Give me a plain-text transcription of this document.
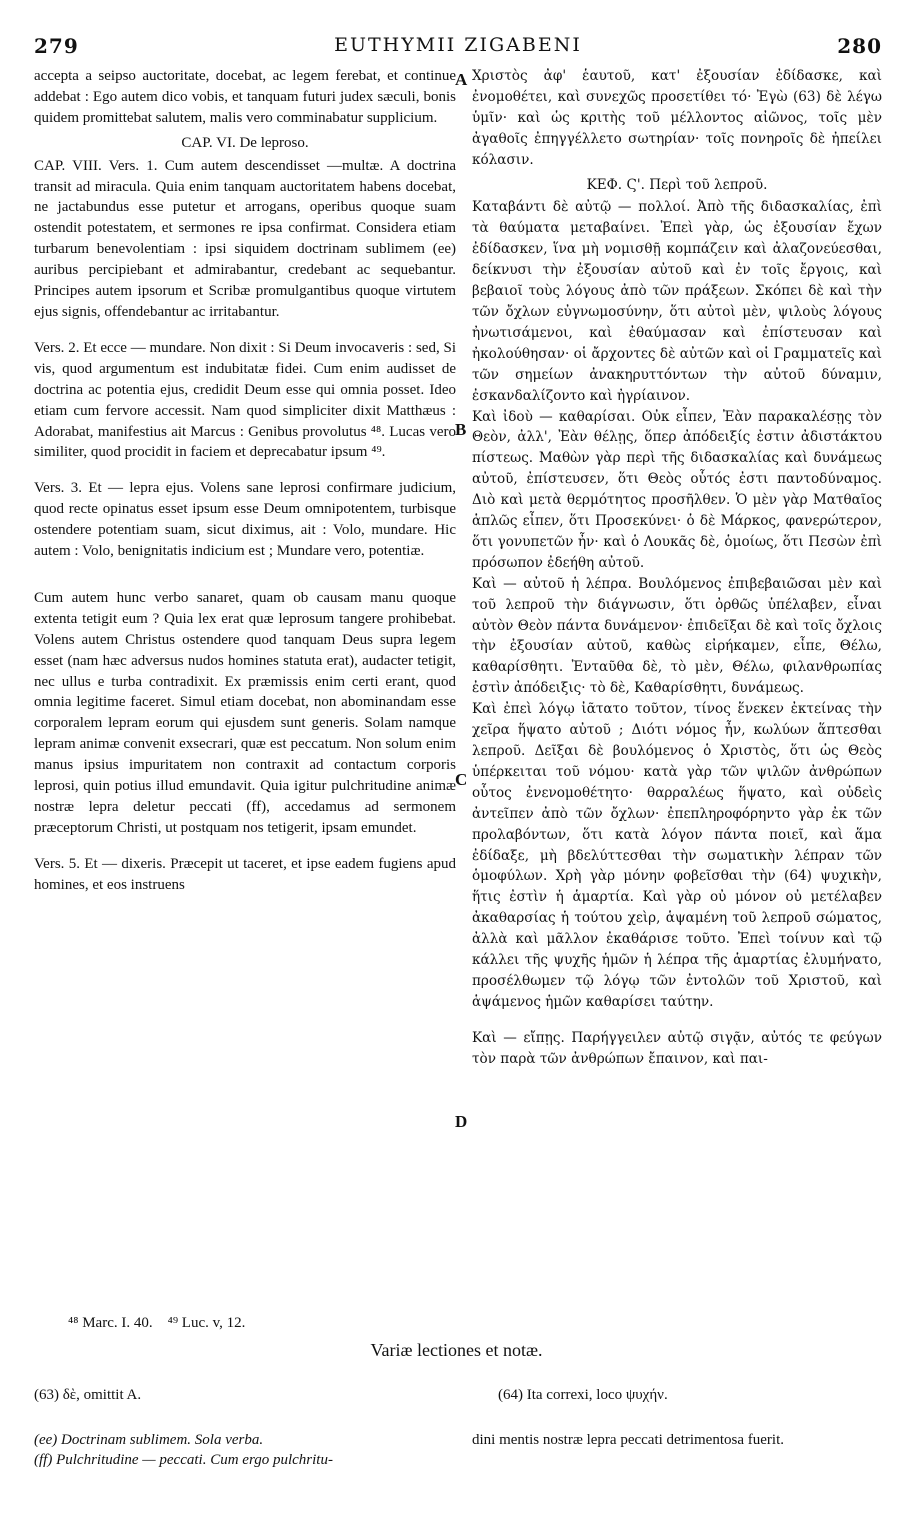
279	EUTHYMII ZIGABENI	280

accepta a seipso auctoritate, docebat, ac legem ferebat, et continue addebat : Ego autem dico vobis, et tanquam futuri judex sæculi, bonis quidem promittebat salutem, malis vero comminabatur supplicium.

CAP. VI. De leproso.

CAP. VIII. Vers. 1. Cum autem descendisset —multæ. A doctrina transit ad miracula. Quia enim tanquam auctoritatem habens docebat, ne jactabundus esse putetur et arrogans, operibus quoque suam ostendit potestatem, et sermones re ipsa confirmat. Considera etiam turbarum benevolentiam : ipsi siquidem doctrinam sublimem (ee) auribus percipiebant et admirabantur, credebant ac sequebantur. Principes autem ipsorum et Scribæ promulgantibus quoque virtutem ejus signis, offendebantur ac irritabantur.

Vers. 2. Et ecce — mundare. Non dixit : Si Deum invocaveris : sed, Si vis, quod argumentum est indubitatæ fidei. Cum enim audisset de doctrina ac potentia ejus, credidit Deum esse qui omnia posset. Ideo etiam cum fervore accessit. Nam quod simpliciter dixit Matthæus : Adorabat, manifestius ait Marcus : Genibus provolutus ⁴⁸. Lucas vero similiter, quod procidit in faciem et deprecabatur ipsum ⁴⁹.

Vers. 3. Et — lepra ejus. Volens sane leprosi confirmare judicium, quod recte opinatus esset ipsum esse Deum omnipotentem, turbisque ostendere potentiam suam, sicut diximus, ait : Volo, mundare. Hic autem : Volo, benignitatis indicium est ; Mundare vero, potentiæ.

Cum autem hunc verbo sanaret, quam ob causam manu quoque extenta tetigit eum ? Quia lex erat quæ leprosum tangere prohibebat. Volens autem Christus ostendere quod tanquam Deus supra legem esset (nam hæc adversus nudos homines statuta erat), audacter tetigit, nec ullus e turba contradixit. Ex præmissis enim certi erant, quod omnia legitime faceret. Simul etiam docebat, non abominandam esse corporalem lepram eorum qui ejusdem sunt generis. Solam namque lepram animæ convenit exsecrari, quæ est peccatum. Non solum enim manus ipsius impuritatem non contraxit ad contactum corporis leprosi, quin potius illud emundavit. Quia igitur pulchritudine animæ nostræ lepra deletur peccati (ff), accedamus ad sermonem præceptorum Christi, ut postquam nos tetigerit, ipsam emundet.

Vers. 5. Et — dixeris. Præcepit ut taceret, et ipse eadem fugiens apud homines, et eos instruens

A
B
C
D

Χριστὸς ἀφ' ἑαυτοῦ, κατ' ἐξουσίαν ἐδίδασκε, καὶ ἐνομοθέτει, καὶ συνεχῶς προσετίθει τό· Ἐγὼ (63) δὲ λέγω ὑμῖν· καὶ ὡς κριτὴς τοῦ μέλλοντος αἰῶνος, τοῖς μὲν ἀγαθοῖς ἐπηγγέλλετο σωτηρίαν· τοῖς πονηροῖς δὲ ἠπείλει κόλασιν.

ΚΕΦ. Ϛ'. Περὶ τοῦ λεπροῦ.

Καταβάντι δὲ αὐτῷ — πολλοί. Ἀπὸ τῆς διδασκαλίας, ἐπὶ τὰ θαύματα μεταβαίνει. Ἐπεὶ γὰρ, ὡς ἐξουσίαν ἔχων ἐδίδασκεν, ἵνα μὴ νομισθῇ κομπάζειν καὶ ἀλαζονεύεσθαι, δείκνυσι τὴν ἐξουσίαν αὐτοῦ καὶ ἐν τοῖς ἔργοις, καὶ βεβαιοῖ τοὺς λόγους ἀπὸ τῶν πράξεων. Σκόπει δὲ καὶ τὴν τῶν ὄχλων εὐγνωμοσύνην, ὅτι αὐτοὶ μὲν, ψιλοὺς λόγους ἠνωτισάμενοι, καὶ ἐθαύμασαν καὶ ἐπίστευσαν καὶ ἠκολούθησαν· οἱ ἄρχοντες δὲ αὐτῶν καὶ οἱ Γραμματεῖς καὶ τῶν σημείων ἀνακηρυττόντων τὴν αὐτοῦ δύναμιν, ἐσκανδαλίζοντο καὶ ἠγρίαινον.

Καὶ ἰδοὺ — καθαρίσαι. Οὐκ εἶπεν, Ἐὰν παρακαλέσῃς τὸν Θεὸν, ἀλλ', Ἐὰν θέλῃς, ὅπερ ἀπόδειξίς ἐστιν ἀδιστάκτου πίστεως. Μαθὼν γὰρ περὶ τῆς διδασκαλίας καὶ δυνάμεως αὐτοῦ, ἐπίστευσεν, ὅτι Θεὸς οὗτός ἐστι παντοδύναμος. Διὸ καὶ μετὰ θερμότητος προσῆλθεν. Ὁ μὲν γὰρ Ματθαῖος ἁπλῶς εἶπεν, ὅτι Προσεκύνει· ὁ δὲ Μάρκος, φανερώτερον, ὅτι γονυπετῶν ἦν· καὶ ὁ Λουκᾶς δὲ, ὁμοίως, ὅτι Πεσὼν ἐπὶ πρόσωπον ἐδεήθη αὐτοῦ.

Καὶ — αὐτοῦ ἡ λέπρα. Βουλόμενος ἐπιβεβαιῶσαι μὲν καὶ τοῦ λεπροῦ τὴν διάγνωσιν, ὅτι ὀρθῶς ὑπέλαβεν, εἶναι αὐτὸν Θεὸν πάντα δυνάμενον· ἐπιδεῖξαι δὲ καὶ τοῖς ὄχλοις τὴν ἐξουσίαν αὐτοῦ, καθὼς εἰρήκαμεν, εἶπε, Θέλω, καθαρίσθητι. Ἐνταῦθα δὲ, τὸ μὲν, Θέλω, φιλανθρωπίας ἐστὶν ἀπόδειξις· τὸ δὲ, Καθαρίσθητι, δυνάμεως.

Καὶ ἐπεὶ λόγῳ ἰᾶτατο τοῦτον, τίνος ἕνεκεν ἐκτείνας τὴν χεῖρα ἥψατο αὐτοῦ ; Διότι νόμος ἦν, κωλύων ἅπτεσθαι λεπροῦ. Δεῖξαι δὲ βουλόμενος ὁ Χριστὸς, ὅτι ὡς Θεὸς ὑπέρκειται τοῦ νόμου· κατὰ γὰρ τῶν ψιλῶν ἀνθρώπων οὗτος ἐνενομοθέτητο· θαρραλέως ἥψατο, καὶ οὐδεὶς ἀντεῖπεν ἀπὸ τῶν ὄχλων· ἐπεπληροφόρηντο γὰρ ἐκ τῶν προλαβόντων, ὅτι κατὰ λόγον πάντα ποιεῖ, καὶ ἅμα ἐδίδαξε, μὴ βδελύττεσθαι τὴν σωματικὴν λέπραν τῶν ὁμοφύλων. Χρὴ γὰρ μόνην φοβεῖσθαι τὴν (64) ψυχικὴν, ἥτις ἐστὶν ἡ ἁμαρτία. Καὶ γὰρ οὐ μόνον οὐ μετέλαβεν ἀκαθαρσίας ἡ τούτου χεὶρ, ἁψαμένη τοῦ λεπροῦ σώματος, ἀλλὰ καὶ μᾶλλον ἐκαθάρισε τοῦτο. Ἐπεὶ τοίνυν καὶ τῷ κάλλει τῆς ψυχῆς ἡμῶν ἡ λέπρα τῆς ἁμαρτίας ἐλυμήνατο, προσέλθωμεν τῷ λόγῳ τῶν ἐντολῶν τοῦ Χριστοῦ, καὶ ἁψάμενος ἡμῶν καθαρίσει ταύτην.

Καὶ — εἴπῃς. Παρήγγειλεν αὐτῷ σιγᾷν, αὐτός τε φεύγων τὸν παρὰ τῶν ἀνθρώπων ἔπαινον, καὶ παι-

⁴⁸ Marc. I. 40.    ⁴⁹ Luc. v, 12.
Variæ lectiones et notæ.
(63) δὲ, omittit A.	(64) Ita correxi, loco ψυχήν.
(ee) Doctrinam sublimem. Sola verba.
(ff) Pulchritudine — peccati. Cum ergo pulchritu-
dini mentis nostræ lepra peccati detrimentosa fuerit.
